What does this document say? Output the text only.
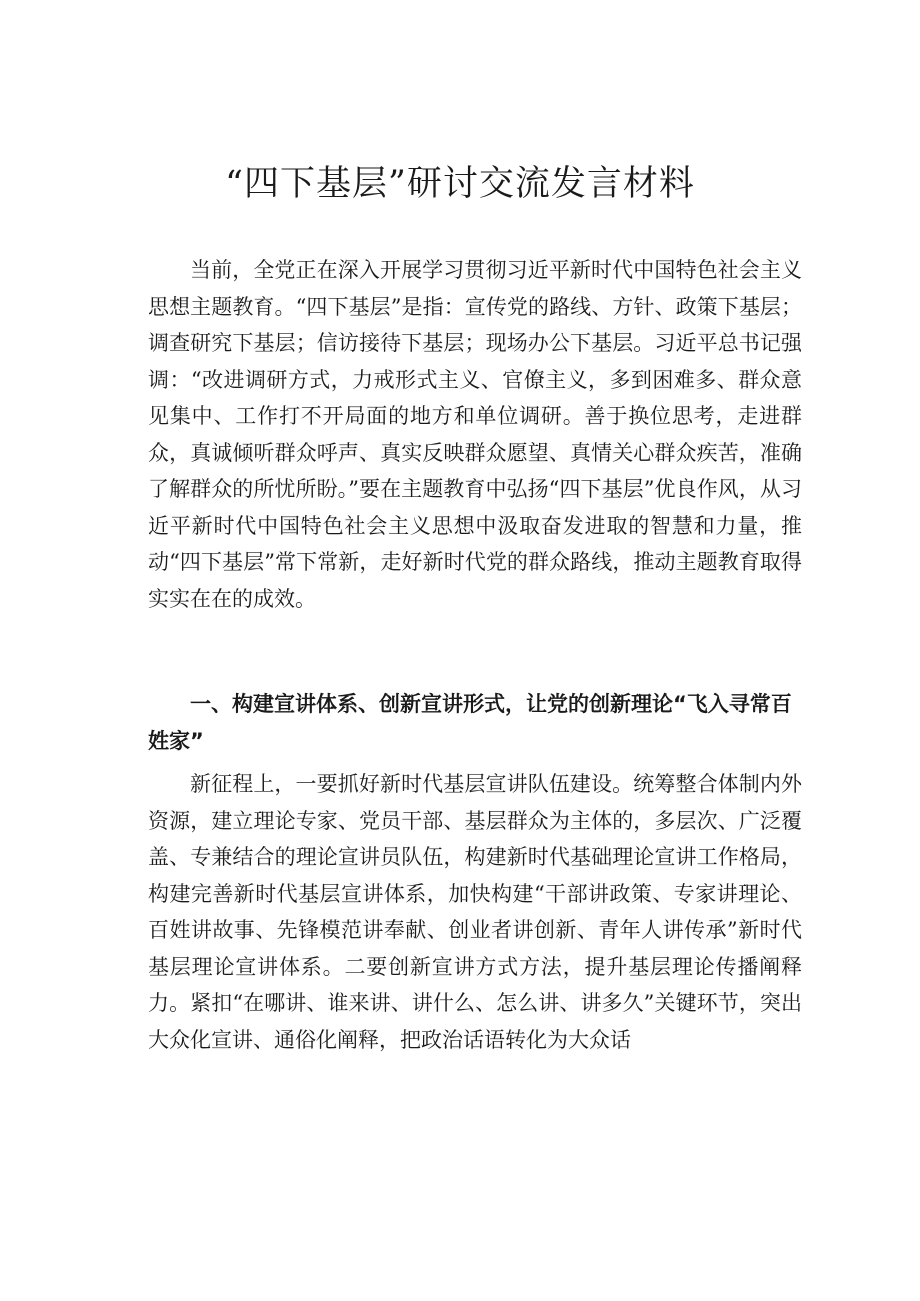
“四下基层”研讨交流发言材料

当前，全党正在深入开展学习贯彻习近平新时代中国特色社会主义思想主题教育。“四下基层”是指：宣传党的路线、方针、政策下基层；调查研究下基层；信访接待下基层；现场办公下基层。习近平总书记强调：“改进调研方式，力戒形式主义、官僚主义，多到困难多、群众意见集中、工作打不开局面的地方和单位调研。善于换位思考，走进群众，真诚倾听群众呼声、真实反映群众愿望、真情关心群众疾苦，准确了解群众的所忧所盼。”要在主题教育中弘扬“四下基层”优良作风，从习近平新时代中国特色社会主义思想中汲取奋发进取的智慧和力量，推动“四下基层”常下常新，走好新时代党的群众路线，推动主题教育取得实实在在的成效。

一、构建宣讲体系、创新宣讲形式，让党的创新理论“飞入寻常百姓家”

新征程上，一要抓好新时代基层宣讲队伍建设。统筹整合体制内外资源，建立理论专家、党员干部、基层群众为主体的，多层次、广泛覆盖、专兼结合的理论宣讲员队伍，构建新时代基础理论宣讲工作格局，构建完善新时代基层宣讲体系，加快构建“干部讲政策、专家讲理论、百姓讲故事、先锋模范讲奉献、创业者讲创新、青年人讲传承”新时代基层理论宣讲体系。二要创新宣讲方式方法，提升基层理论传播阐释力。紧扣“在哪讲、谁来讲、讲什么、怎么讲、讲多久”关键环节，突出大众化宣讲、通俗化阐释，把政治话语转化为大众话
